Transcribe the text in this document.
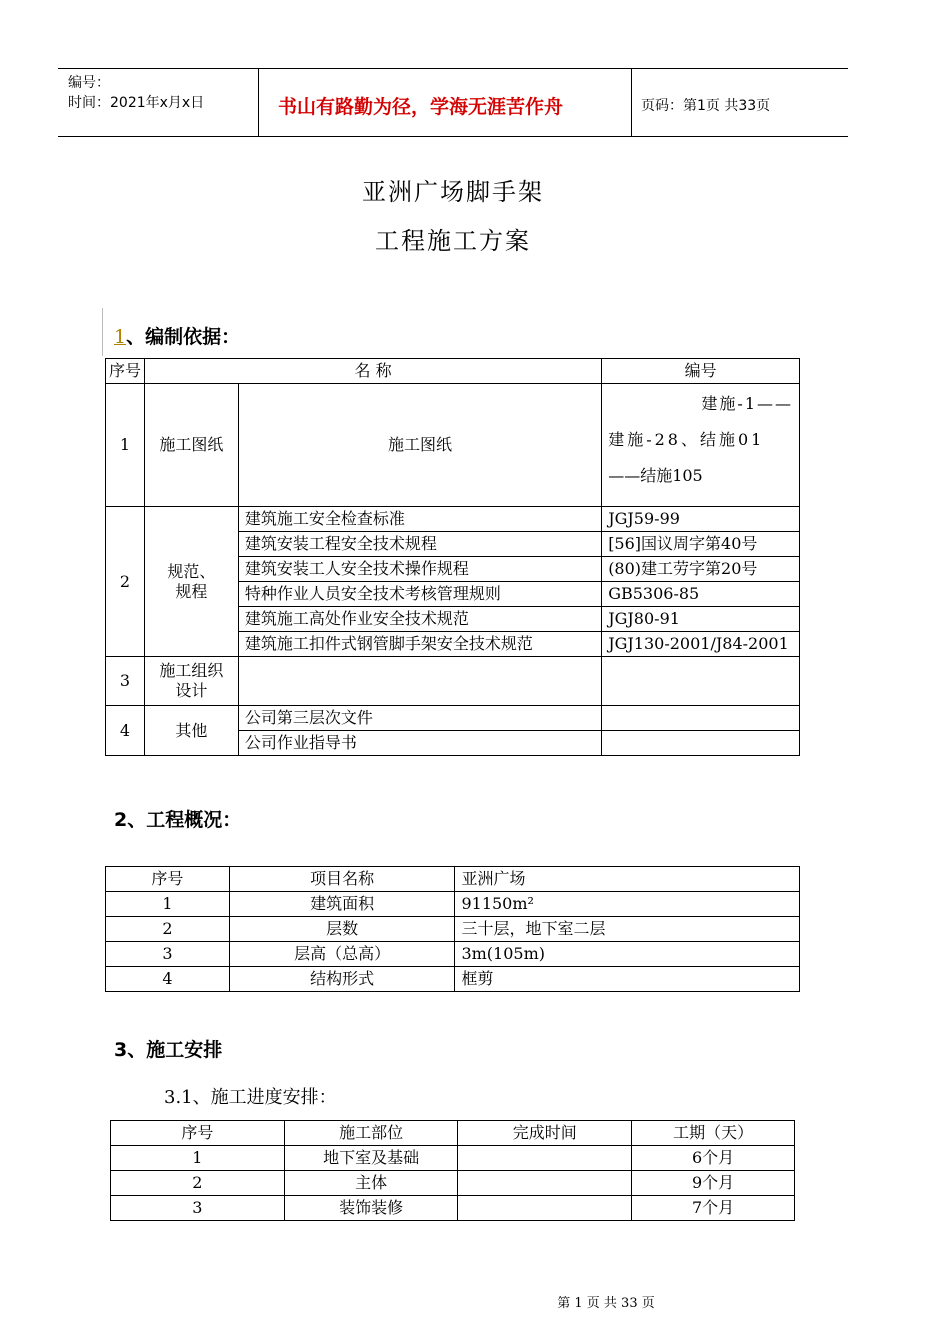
编号：
时间：2021年x月x日	书山有路勤为径，学海无涯苦作舟	页码：第1页 共33页
亚洲广场脚手架
工程施工方案
1、编制依据：
序号	名 称		编号
1	施工图纸	施工图纸	建施-1——
建施-28、结施01
——结施105

2	规范、
规程	建筑施工安全检查标准	JGJ59-99
		建筑安装工程安全技术规程	[56]国议周字第40号
		建筑安装工人安全技术操作规程	(80)建工劳字第20号
		特种作业人员安全技术考核管理规则	GB5306-85
		建筑施工高处作业安全技术规范	JGJ80-91
		建筑施工扣件式钢管脚手架安全技术规范	JGJ130-2001/J84-2001
3	施工组织
设计		

4	其他	公司第三层次文件	
		公司作业指导书	
2、工程概况：
序号	项目名称	亚洲广场
1	建筑面积	91150m²
2	层数	三十层，地下室二层
3	层高（总高）	3m(105m)
4	结构形式	框剪
3、施工安排
3.1、施工进度安排：
序号	施工部位	完成时间	工期（天）
1	地下室及基础		6个月
2	主体		9个月
3	装饰装修		7个月
第 1 页 共 33 页
